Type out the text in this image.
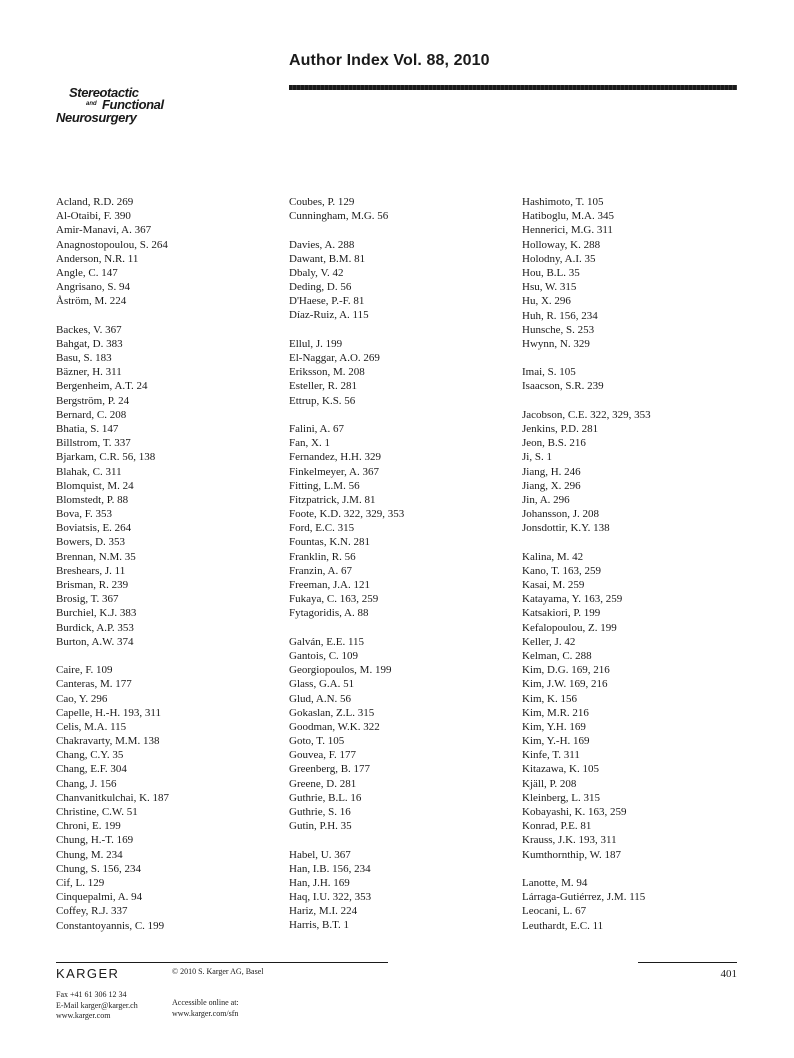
Author Index Vol. 88, 2010
Stereotactic
and Functional
Neurosurgery
Acland, R.D. 269
Al-Otaibi, F. 390
Amir-Manavi, A. 367
Anagnostopoulou, S. 264
Anderson, N.R. 11
Angle, C. 147
Angrisano, S. 94
Åström, M. 224
Backes, V. 367
Bahgat, D. 383
Basu, S. 183
Bäzner, H. 311
Bergenheim, A.T. 24
Bergström, P. 24
Bernard, C. 208
Bhatia, S. 147
Billstrom, T. 337
Bjarkam, C.R. 56, 138
Blahak, C. 311
Blomquist, M. 24
Blomstedt, P. 88
Bova, F. 353
Boviatsis, E. 264
Bowers, D. 353
Brennan, N.M. 35
Breshears, J. 11
Brisman, R. 239
Brosig, T. 367
Burchiel, K.J. 383
Burdick, A.P. 353
Burton, A.W. 374
Caire, F. 109
Canteras, M. 177
Cao, Y. 296
Capelle, H.-H. 193, 311
Celis, M.A. 115
Chakravarty, M.M. 138
Chang, C.Y. 35
Chang, E.F. 304
Chang, J. 156
Chanvanitkulchai, K. 187
Christine, C.W. 51
Chroni, E. 199
Chung, H.-T. 169
Chung, M. 234
Chung, S. 156, 234
Cif, L. 129
Cinquepalmi, A. 94
Coffey, R.J. 337
Constantoyannis, C. 199
Coubes, P. 129
Cunningham, M.G. 56
Davies, A. 288
Dawant, B.M. 81
Dbaly, V. 42
Deding, D. 56
D'Haese, P.-F. 81
Díaz-Ruiz, A. 115
Ellul, J. 199
El-Naggar, A.O. 269
Eriksson, M. 208
Esteller, R. 281
Ettrup, K.S. 56
Falini, A. 67
Fan, X. 1
Fernandez, H.H. 329
Finkelmeyer, A. 367
Fitting, L.M. 56
Fitzpatrick, J.M. 81
Foote, K.D. 322, 329, 353
Ford, E.C. 315
Fountas, K.N. 281
Franklin, R. 56
Franzin, A. 67
Freeman, J.A. 121
Fukaya, C. 163, 259
Fytagoridis, A. 88
Galván, E.E. 115
Gantois, C. 109
Georgiopoulos, M. 199
Glass, G.A. 51
Glud, A.N. 56
Gokaslan, Z.L. 315
Goodman, W.K. 322
Goto, T. 105
Gouvea, F. 177
Greenberg, B. 177
Greene, D. 281
Guthrie, B.L. 16
Guthrie, S. 16
Gutin, P.H. 35
Habel, U. 367
Han, I.B. 156, 234
Han, J.H. 169
Haq, I.U. 322, 353
Hariz, M.I. 224
Harris, B.T. 1
Hashimoto, T. 105
Hatiboglu, M.A. 345
Hennerici, M.G. 311
Holloway, K. 288
Holodny, A.I. 35
Hou, B.L. 35
Hsu, W. 315
Hu, X. 296
Huh, R. 156, 234
Hunsche, S. 253
Hwynn, N. 329
Imai, S. 105
Isaacson, S.R. 239
Jacobson, C.E. 322, 329, 353
Jenkins, P.D. 281
Jeon, B.S. 216
Ji, S. 1
Jiang, H. 246
Jiang, X. 296
Jin, A. 296
Johansson, J. 208
Jonsdottir, K.Y. 138
Kalina, M. 42
Kano, T. 163, 259
Kasai, M. 259
Katayama, Y. 163, 259
Katsakiori, P. 199
Kefalopoulou, Z. 199
Keller, J. 42
Kelman, C. 288
Kim, D.G. 169, 216
Kim, J.W. 169, 216
Kim, K. 156
Kim, M.R. 216
Kim, Y.H. 169
Kim, Y.-H. 169
Kinfe, T. 311
Kitazawa, K. 105
Kjäll, P. 208
Kleinberg, L. 315
Kobayashi, K. 163, 259
Konrad, P.E. 81
Krauss, J.K. 193, 311
Kumthornthip, W. 187
Lanotte, M. 94
Lárraga-Gutiérrez, J.M. 115
Leocani, L. 67
Leuthardt, E.C. 11
KARGER	© 2010 S. Karger AG, Basel	401
Fax +41 61 306 12 34
E-Mail karger@karger.ch
www.karger.com
Accessible online at:
www.karger.com/sfn
